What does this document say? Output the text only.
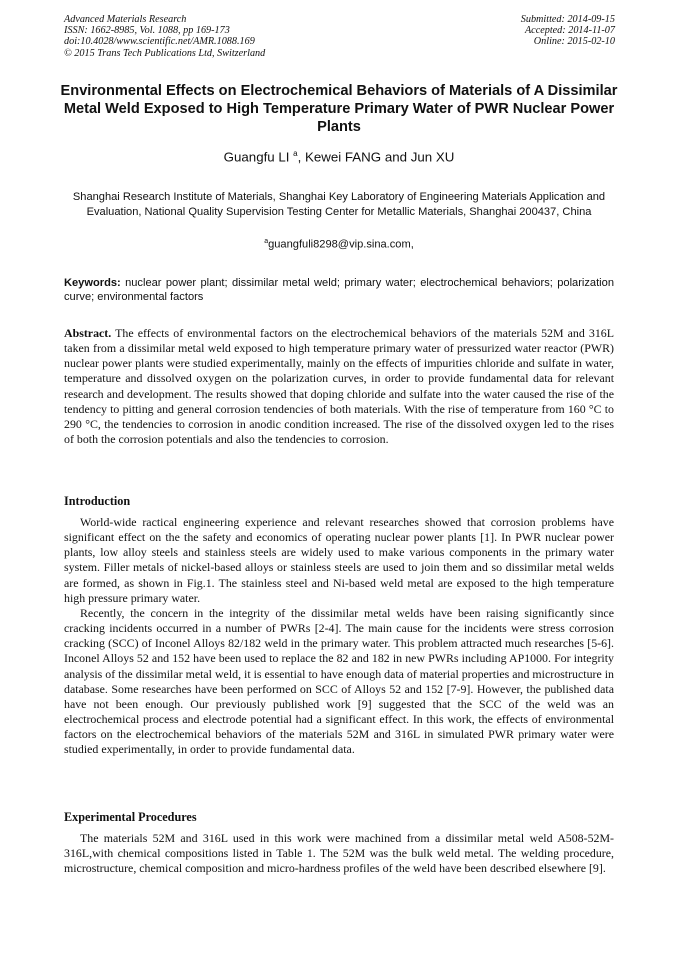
Advanced Materials Research
ISSN: 1662-8985, Vol. 1088, pp 169-173
doi:10.4028/www.scientific.net/AMR.1088.169
© 2015 Trans Tech Publications Ltd, Switzerland
Submitted: 2014-09-15
Accepted: 2014-11-07
Online: 2015-02-10
Environmental Effects on Electrochemical Behaviors of Materials of A Dissimilar Metal Weld Exposed to High Temperature Primary Water of PWR Nuclear Power Plants
Guangfu LI $^a$, Kewei FANG and Jun XU
Shanghai Research Institute of Materials, Shanghai Key Laboratory of Engineering Materials Application and Evaluation, National Quality Supervision Testing Center for Metallic Materials, Shanghai 200437, China
$^a$guangfuli8298@vip.sina.com,
Keywords: nuclear power plant; dissimilar metal weld; primary water; electrochemical behaviors; polarization curve; environmental factors
Abstract. The effects of environmental factors on the electrochemical behaviors of the materials 52M and 316L taken from a dissimilar metal weld exposed to high temperature primary water of pressurized water reactor (PWR) nuclear power plants were studied experimentally, mainly on the effects of impurities chloride and sulfate in water, temperature and dissolved oxygen on the polarization curves, in order to provide fundamental data for relevant research and development. The results showed that doping chloride and sulfate into the water caused the rise of the tendency to pitting and general corrosion tendencies of both materials. With the rise of temperature from 160 °C to 290 °C, the tendencies to corrosion in anodic condition increased. The rise of the dissolved oxygen led to the rises of both the corrosion potentials and also the tendencies to corrosion.
Introduction
World-wide ractical engineering experience and relevant researches showed that corrosion problems have significant effect on the the safety and economics of operating nuclear power plants [1]. In PWR nuclear power plants, low alloy steels and stainless steels are widely used to make various components in the primary water system. Filler metals of nickel-based alloys or stainless steels are used to join them and so dissimilar metal welds are formed, as shown in Fig.1. The stainless steel and Ni-based weld metal are exposed to the high temperature high pressure primary water.
Recently, the concern in the integrity of the dissimilar metal welds have been raising significantly since cracking incidents occurred in a number of PWRs [2-4]. The main cause for the incidents were stress corrosion cracking (SCC) of Inconel Alloys 82/182 weld in the primary water. This problem attracted much researches [5-6]. Inconel Alloys 52 and 152 have been used to replace the 82 and 182 in new PWRs including AP1000. For integrity analysis of the dissimilar metal weld, it is essential to have enough data of material properties and microstructure in database. Some researches have been performed on SCC of Alloys 52 and 152 [7-9]. However, the published data have not been enough. Our previously published work [9] suggested that the SCC of the weld was an electrochemical process and electrode potential had a significant effect. In this work, the effects of environmental factors on the electrochemical behaviors of the materials 52M and 316L in simulated PWR primary water were studied experimentally, in order to provide fundamental data.
Experimental Procedures
The materials 52M and 316L used in this work were machined from a dissimilar metal weld A508-52M-316L,with chemical compositions listed in Table 1. The 52M was the bulk weld metal. The welding procedure, microstructure, chemical composition and micro-hardness profiles of the weld have been described elsewhere [9].
